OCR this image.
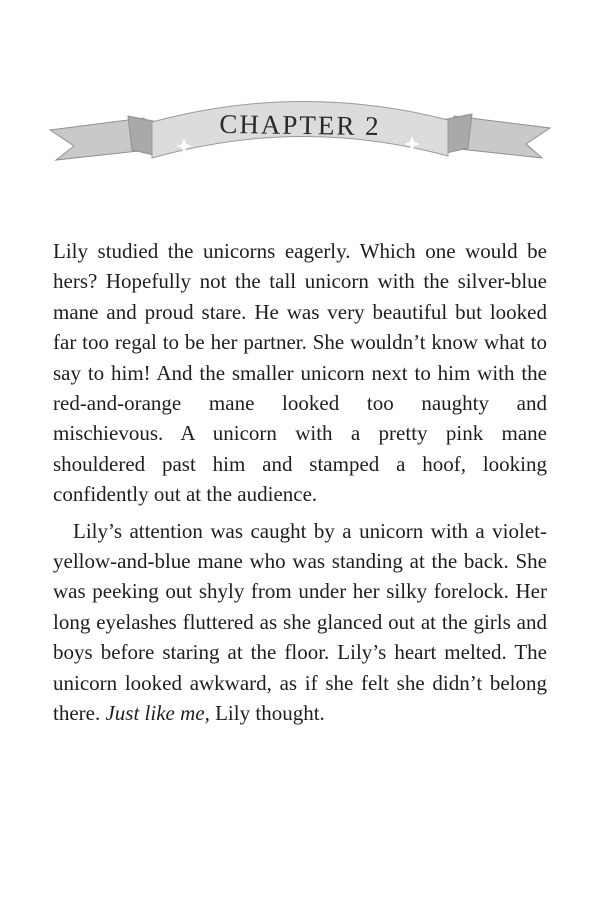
CHAPTER 2

Lily studied the unicorns eagerly. Which one would be hers? Hopefully not the tall unicorn with the silver-blue mane and proud stare. He was very beautiful but looked far too regal to be her partner. She wouldn’t know what to say to him! And the smaller unicorn next to him with the red-and-orange mane looked too naughty and mischievous. A unicorn with a pretty pink mane shouldered past him and stamped a hoof, looking confidently out at the audience.

Lily’s attention was caught by a unicorn with a violet-yellow-and-blue mane who was standing at the back. She was peeking out shyly from under her silky forelock. Her long eyelashes fluttered as she glanced out at the girls and boys before staring at the floor. Lily’s heart melted. The unicorn looked awkward, as if she felt she didn’t belong there. Just like me, Lily thought.
